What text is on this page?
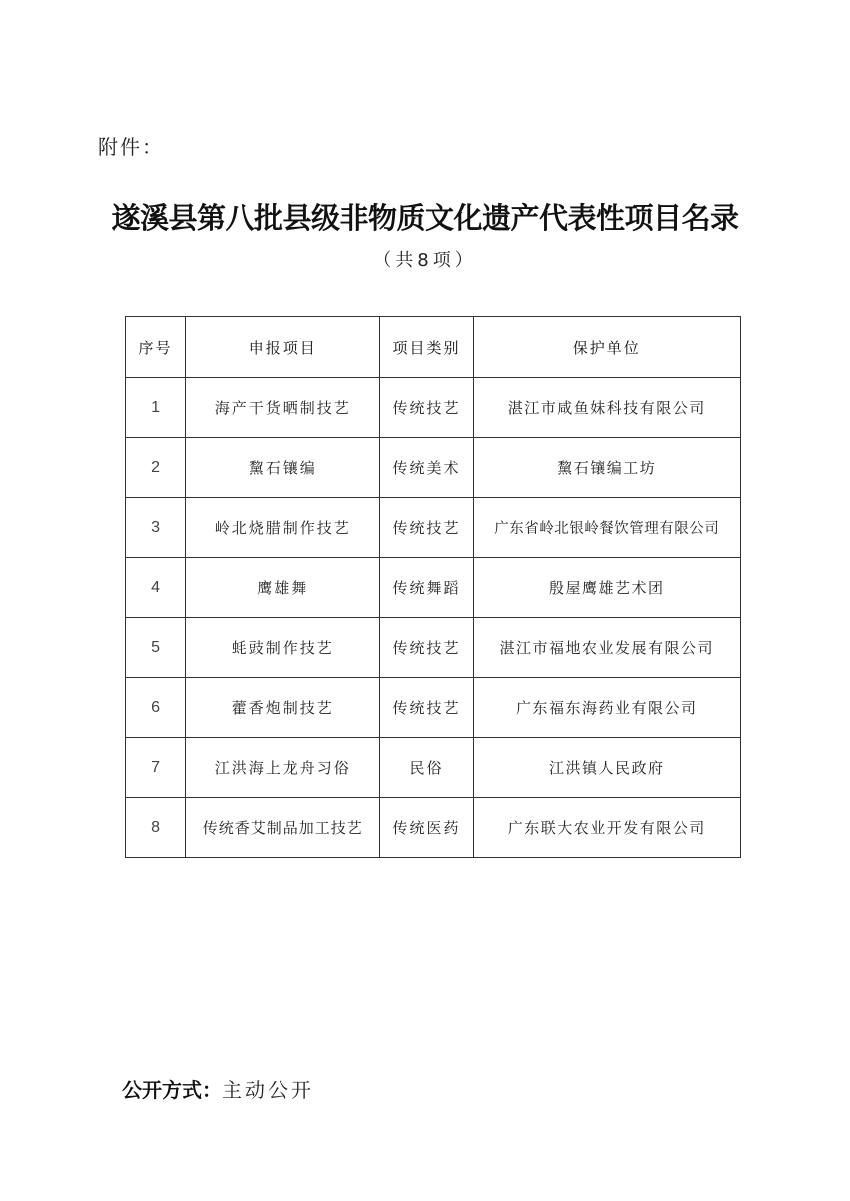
附件：
遂溪县第八批县级非物质文化遗产代表性项目名录
（共8项）
序号	申报项目	项目类别	保护单位
1	海产干货晒制技艺	传统技艺	湛江市咸鱼妹科技有限公司
2	黧石镶编	传统美术	黧石镶编工坊
3	岭北烧腊制作技艺	传统技艺	广东省岭北银岭餐饮管理有限公司
4	鹰雄舞	传统舞蹈	殷屋鹰雄艺术团
5	蚝豉制作技艺	传统技艺	湛江市福地农业发展有限公司
6	藿香炮制技艺	传统技艺	广东福东海药业有限公司
7	江洪海上龙舟习俗	民俗	江洪镇人民政府
8	传统香艾制品加工技艺	传统医药	广东联大农业开发有限公司
公开方式：主动公开
